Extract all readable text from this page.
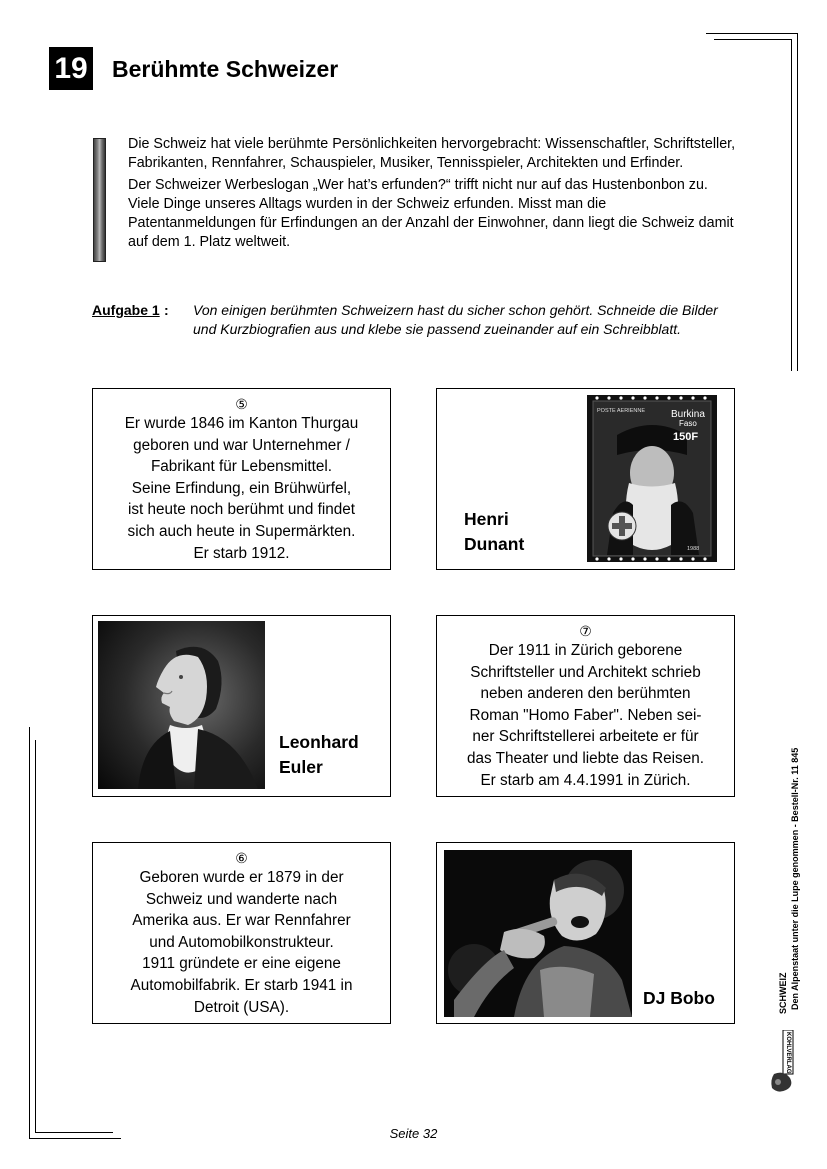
19 Berühmte Schweizer

Die Schweiz hat viele berühmte Persönlichkeiten hervorgebracht: Wissenschaftler, Schriftsteller, Fabrikanten, Rennfahrer, Schauspieler, Musiker, Tennisspieler, Architekten und Erfinder.

Der Schweizer Werbeslogan „Wer hat’s erfunden?“ trifft nicht nur auf das Hustenbonbon zu. Viele Dinge unseres Alltags wurden in der Schweiz erfunden. Misst man die Patentanmeldungen für Erfindungen an der Anzahl der Einwohner, dann liegt die Schweiz damit auf dem 1. Platz weltweit.

Aufgabe 1 : Von einigen berühmten Schweizern hast du sicher schon gehört. Schneide die Bilder und Kurzbiografien aus und klebe sie passend zueinander auf ein Schreibblatt.
⑤
Er wurde 1846 im Kanton Thurgau
geboren und war Unternehmer /
Fabrikant für Lebensmittel.
Seine Erfindung, ein Brühwürfel,
ist heute noch berühmt und findet
sich auch heute in Supermärkten.
Er starb 1912.
Henri
Dunant
POSTE AERIENNE	Burkina
Faso
150F
1988
Leonhard
Euler
⑦
Der 1911 in Zürich geborene
Schriftsteller und Architekt schrieb
neben anderen den berühmten
Roman "Homo Faber". Neben sei-
ner Schriftstellerei arbeitete er für
das Theater und liebte das Reisen.
Er starb am 4.4.1991 in Zürich.
⑥
Geboren wurde er 1879 in der
Schweiz und wanderte nach
Amerika aus. Er war Rennfahrer
und Automobilkonstrukteur.
1911 gründete er eine eigene
Automobilfabrik. Er starb 1941 in
Detroit (USA).	DJ Bobo	Den Alpenstaat unter die Lupe genommen - Bestell-Nr. 11 845
SCHWEIZ
KOHLVERLAG
Seite 32
